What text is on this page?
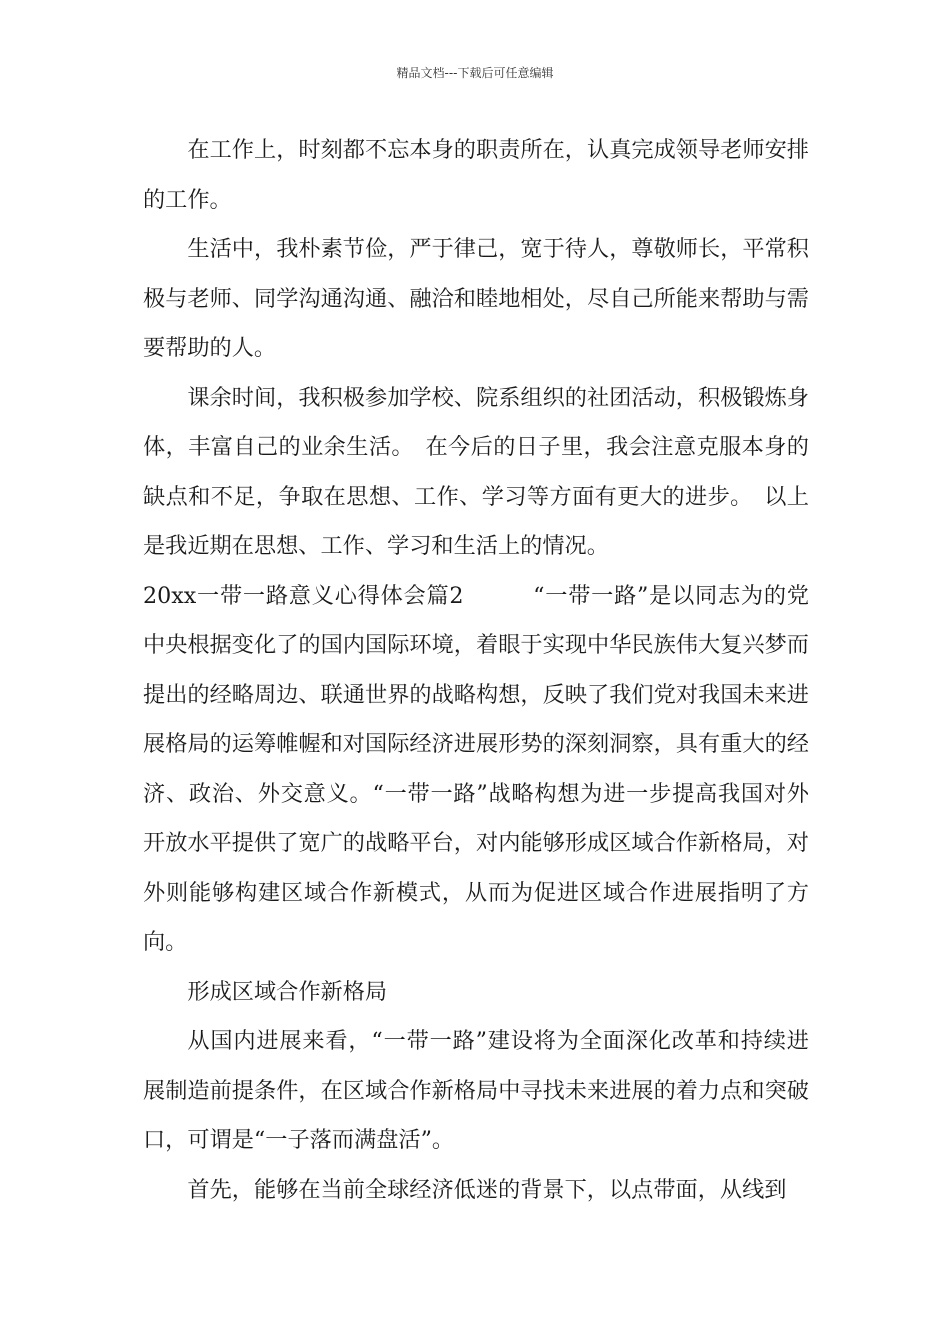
精品文档---下载后可任意编辑

在工作上，时刻都不忘本身的职责所在，认真完成领导老师安排的工作。

生活中，我朴素节俭，严于律己，宽于待人，尊敬师长，平常积极与老师、同学沟通沟通、融洽和睦地相处，尽自己所能来帮助与需要帮助的人。

课余时间，我积极参加学校、院系组织的社团活动，积极锻炼身体，丰富自己的业余生活。　在今后的日子里，我会注意克服本身的缺点和不足，争取在思想、工作、学习等方面有更大的进步。　以上是我近期在思想、工作、学习和生活上的情况。

20xx一带一路意义心得体会篇2　　　“一带一路”是以同志为的党中央根据变化了的国内国际环境，着眼于实现中华民族伟大复兴梦而提出的经略周边、联通世界的战略构想，反映了我们党对我国未来进展格局的运筹帷幄和对国际经济进展形势的深刻洞察，具有重大的经济、政治、外交意义。“一带一路”战略构想为进一步提高我国对外开放水平提供了宽广的战略平台，对内能够形成区域合作新格局，对外则能够构建区域合作新模式，从而为促进区域合作进展指明了方向。

形成区域合作新格局

从国内进展来看，“一带一路”建设将为全面深化改革和持续进展制造前提条件，在区域合作新格局中寻找未来进展的着力点和突破口，可谓是“一子落而满盘活”。

首先，能够在当前全球经济低迷的背景下，以点带面，从线到
